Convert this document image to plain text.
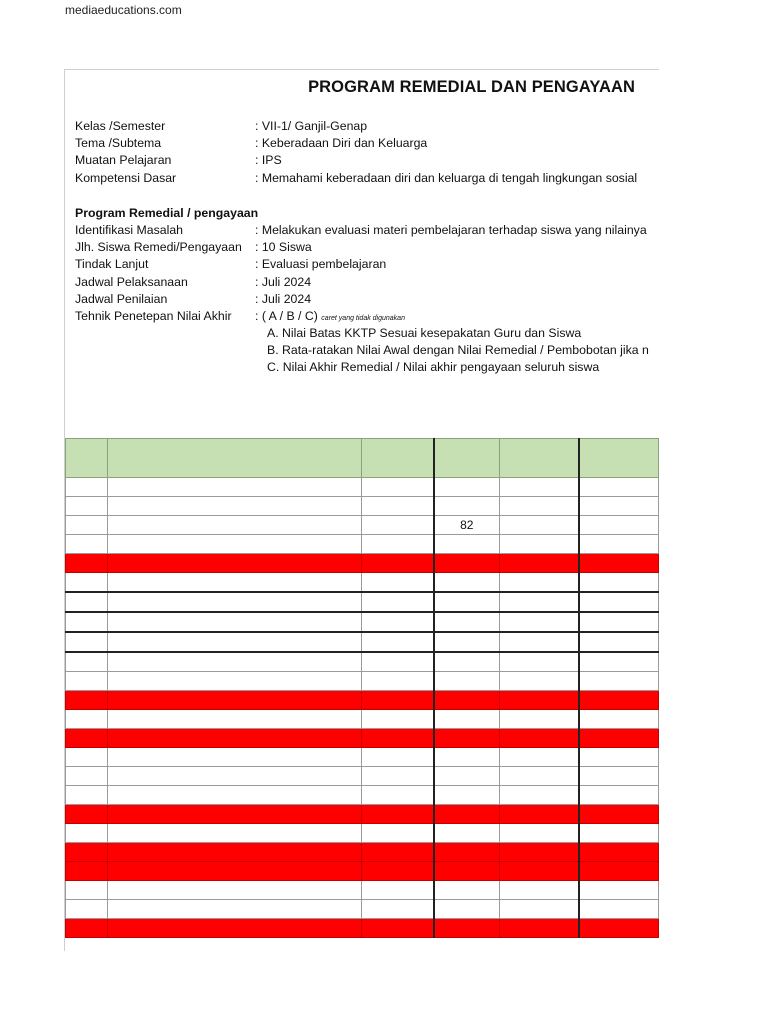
mediaeducations.com
PROGRAM REMEDIAL DAN PENGAYAAN
Kelas /Semester	: VII-1/ Ganjil-Genap
Tema /Subtema	: Keberadaan Diri dan Keluarga
Muatan Pelajaran	: IPS
Kompetensi Dasar	: Memahami keberadaan diri dan keluarga di tengah lingkungan sosial
Program Remedial / pengayaan
Identifikasi Masalah	: Melakukan evaluasi materi pembelajaran terhadap siswa yang nilainya
Jlh. Siswa Remedi/Pengayaan : 10 Siswa
Tindak Lanjut	: Evaluasi pembelajaran
Jadwal Pelaksanaan	: Juli 2024
Jadwal Penilaian	: Juli 2024
Tehnik Penetepan Nilai Akhir : ( A / B / C) caret yang tidak digunakan
A. Nilai Batas KKTP Sesuai kesepakatan Guru dan Siswa
B. Rata-ratakan Nilai Awal dengan Nilai Remedial / Pembobotan jika n
C. Nilai Akhir Remedial / Nilai akhir pengayaan seluruh siswa

			82		
